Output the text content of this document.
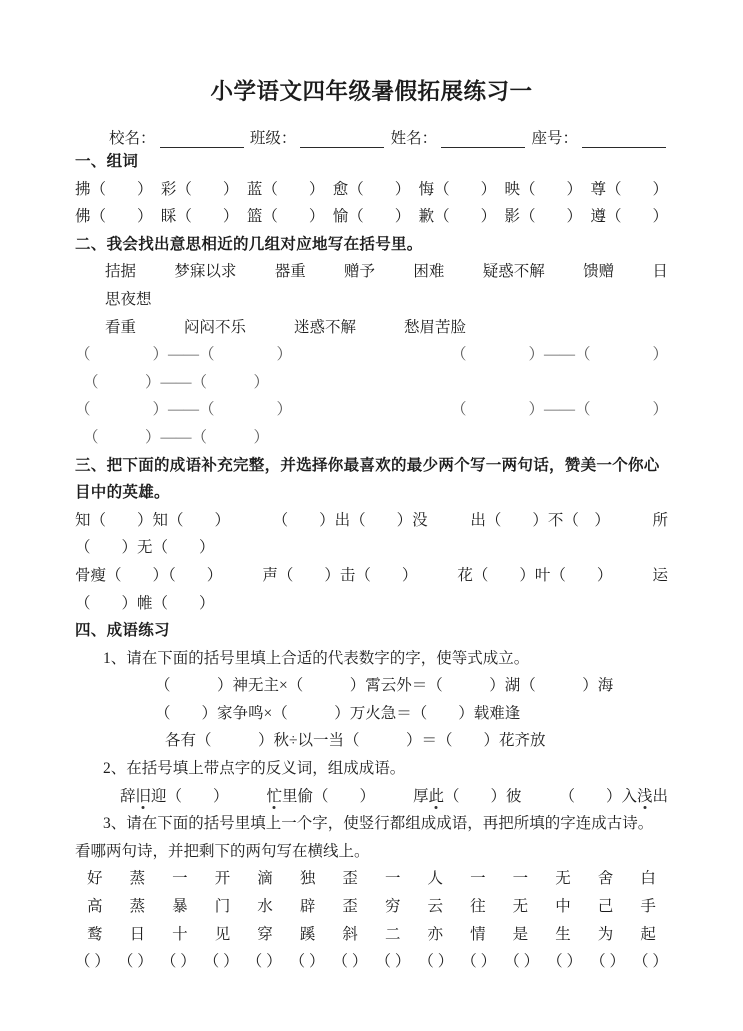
小学语文四年级暑假拓展练习一
校名：	班级：	姓名：	座号：
一、组词
拂（　　） 彩（　　） 蓝（　　） 愈（　　） 悔（　　） 映（　　） 尊（　　）
佛（　　） 睬（　　） 篮（　　） 愉（　　） 歉（　　） 影（　　） 遵（　　）
二、我会找出意思相近的几组对应地写在括号里。
拮据 梦寐以求 器重 赠予 困难 疑惑不解 馈赠 日
思夜想
看重	闷闷不乐	迷惑不解	愁眉苦脸
（　　　　）——（　　　　）	（　　　　）——（　　　　）
（　　　）——（　　　）
（　　　　）——（　　　　）	（　　　　）——（　　　　）
（　　　）——（　　　）
三、把下面的成语补充完整，并选择你最喜欢的最少两个写一两句话，赞美一个你心
目中的英雄。
知（　　）知（　　）	（　　）出（　　）没	出（　　）不（　）	所
（　　）无（　　）
骨瘦（　　）（　　）	声（　　）击（　　）	花（　　）叶（　　）	运
（　　）帷（　　）
四、成语练习
1、请在下面的括号里填上合适的代表数字的字，使等式成立。
（　　　）神无主×（　　　）霄云外＝（　　　）湖（　　　）海
（　　）家争鸣×（　　　）万火急＝（　　）载难逢
各有（　　　）秋÷以一当（　　　）＝（　　）花齐放
2、在括号填上带点字的反义词，组成成语。
辞旧迎（　　） 忙里偷（　　） 厚此（　　）彼 （　　）入浅出
3、请在下面的括号里填上一个字，使竖行都组成成语，再把所填的字连成古诗。
看哪两句诗，并把剩下的两句写在横线上。
好 蒸 一 开 滴 独 歪 一 人 一 一 无 舍 白
高 蒸 暴 门 水 辟 歪 穷 云 往 无 中 己 手
鹜 日 十 见 穿 蹊 斜 二 亦 情 是 生 为 起
（ ） （ ） （ ） （ ） （ ） （ ） （ ） （ ） （ ） （ ） （ ） （ ） （ ） （ ）
